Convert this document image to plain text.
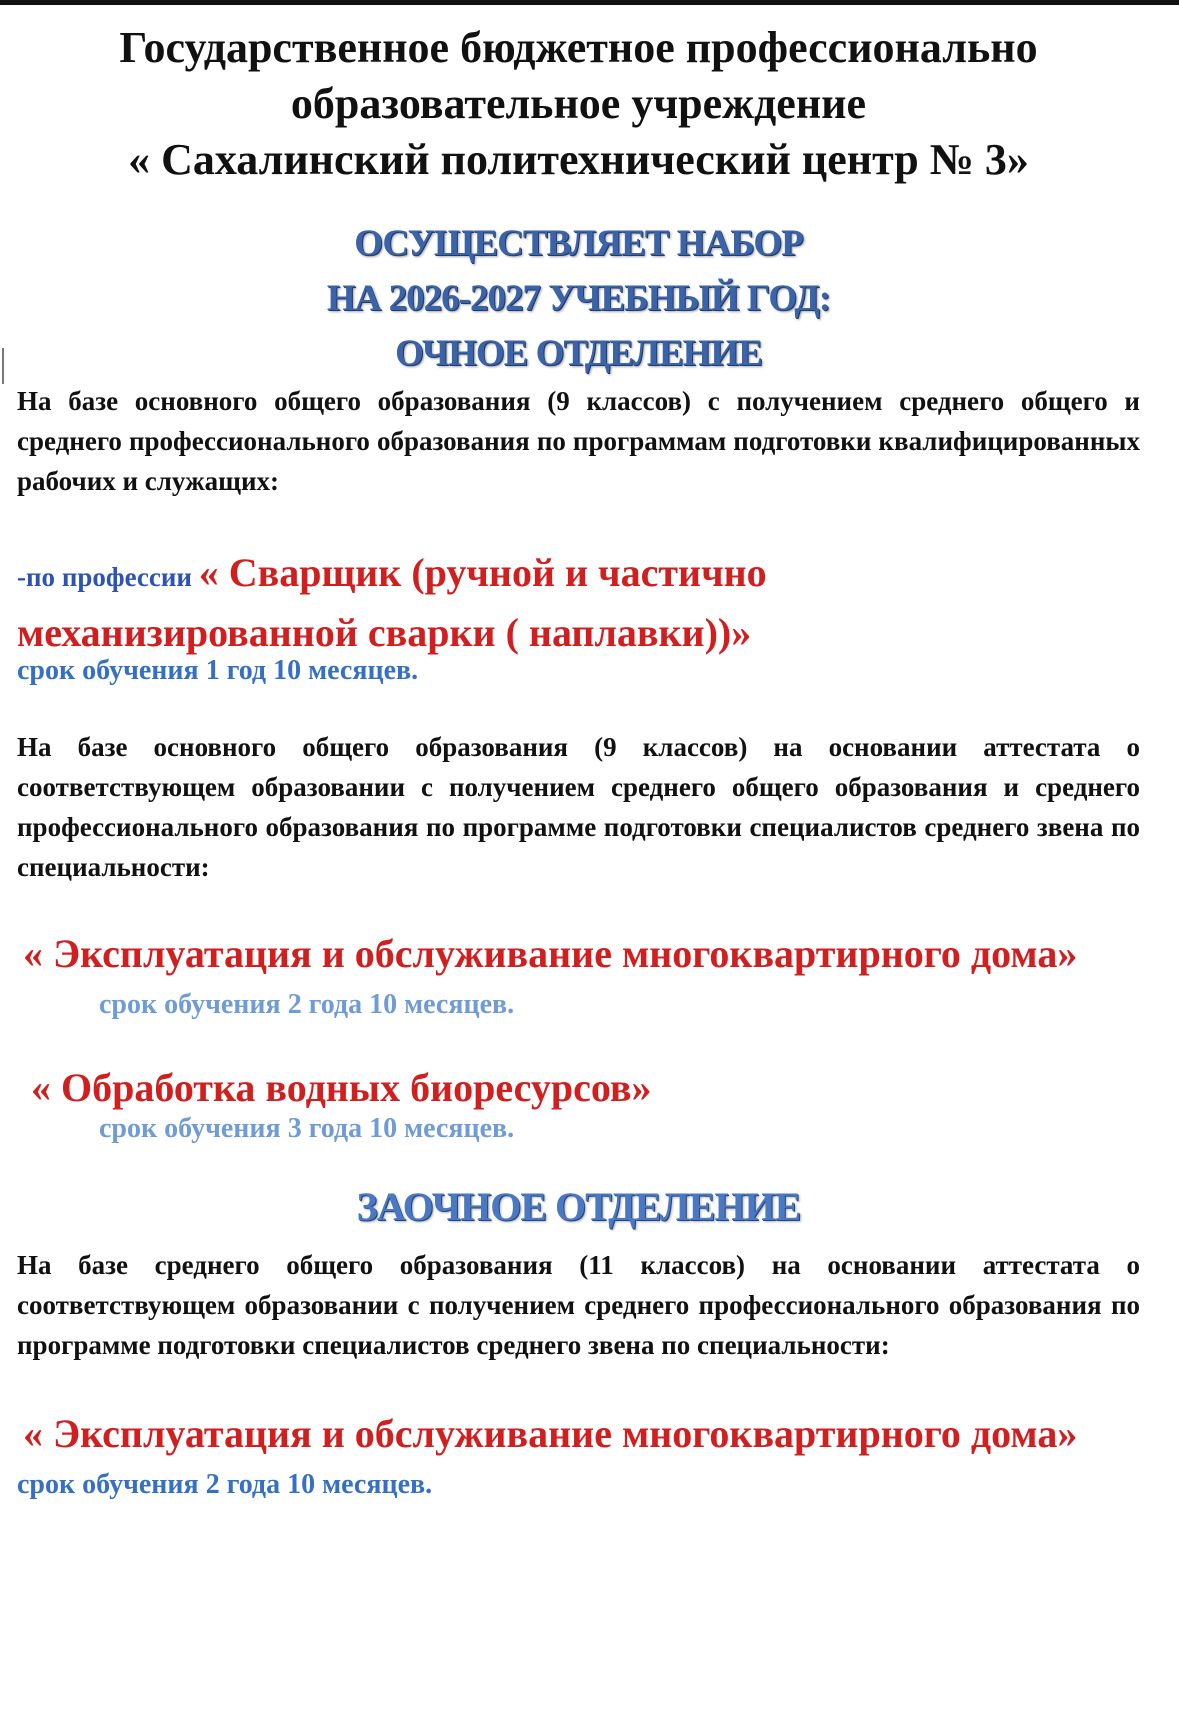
Государственное бюджетное профессионально
образовательное учреждение
« Сахалинский политехнический центр № 3»
ОСУЩЕСТВЛЯЕТ НАБОР
НА 2026-2027 УЧЕБНЫЙ ГОД:
ОЧНОЕ ОТДЕЛЕНИЕ
На базе основного общего образования (9 классов) с получением среднего общего и среднего профессионального образования по программам подготовки квалифицированных рабочих и служащих:
-по професcии « Сварщик (ручной и частично
механизированной сварки ( наплавки))»
срок обучения 1 год 10 месяцев.
На базе основного общего образования (9 классов) на основании аттестата о соответствующем образовании с получением среднего общего образования и среднего профессионального образования по программе подготовки специалистов среднего звена по специальности:
« Эксплуатация и обслуживание многоквартирного дома»
срок обучения 2 года 10 месяцев.
« Обработка водных биоресурсов»
срок обучения 3 года 10 месяцев.
ЗАОЧНОЕ ОТДЕЛЕНИЕ
На базе среднего общего образования (11 классов) на основании аттестата о соответствующем образовании с получением среднего профессионального образования по программе подготовки специалистов среднего звена по специальности:
« Эксплуатация и обслуживание многоквартирного дома»
срок обучения 2 года 10 месяцев.
